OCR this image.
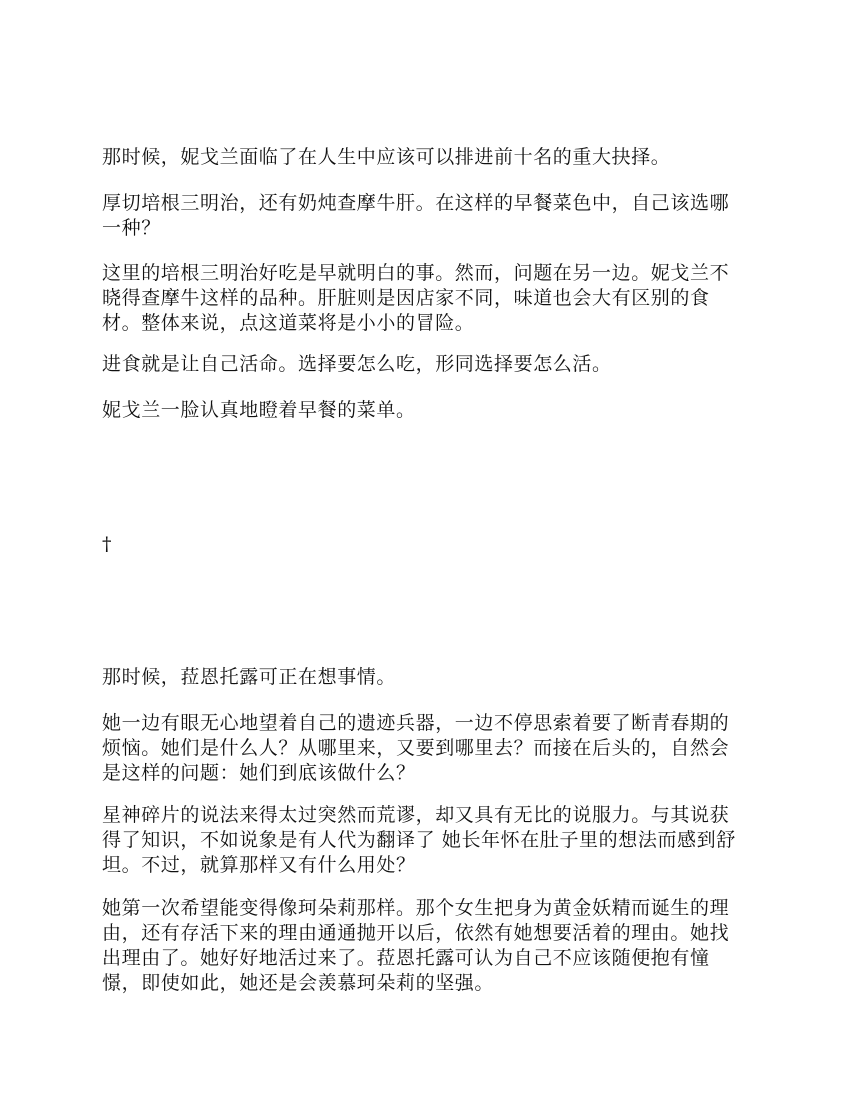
那时候，妮戈兰面临了在人生中应该可以排进前十名的重大抉择。

厚切培根三明治，还有奶炖查摩牛肝。在这样的早餐菜色中，自己该选哪一种？

这里的培根三明治好吃是早就明白的事。然而，问题在另一边。妮戈兰不晓得查摩牛这样的品种。肝脏则是因店家不同，味道也会大有区别的食材。整体来说，点这道菜将是小小的冒险。

进食就是让自己活命。选择要怎么吃，形同选择要怎么活。

妮戈兰一脸认真地瞪着早餐的菜单。

†

那时候，菈恩托露可正在想事情。

她一边有眼无心地望着自己的遗迹兵器，一边不停思索着要了断青春期的烦恼。她们是什么人？从哪里来，又要到哪里去？而接在后头的，自然会是这样的问题：她们到底该做什么？

星神碎片的说法来得太过突然而荒谬，却又具有无比的说服力。与其说获得了知识，不如说象是有人代为翻译了 她长年怀在肚子里的想法而感到舒坦。不过，就算那样又有什么用处？

她第一次希望能变得像珂朵莉那样。那个女生把身为黄金妖精而诞生的理由，还有存活下来的理由通通抛开以后，依然有她想要活着的理由。她找出理由了。她好好地活过来了。菈恩托露可认为自己不应该随便抱有憧憬，即使如此，她还是会羡慕珂朵莉的坚强。
